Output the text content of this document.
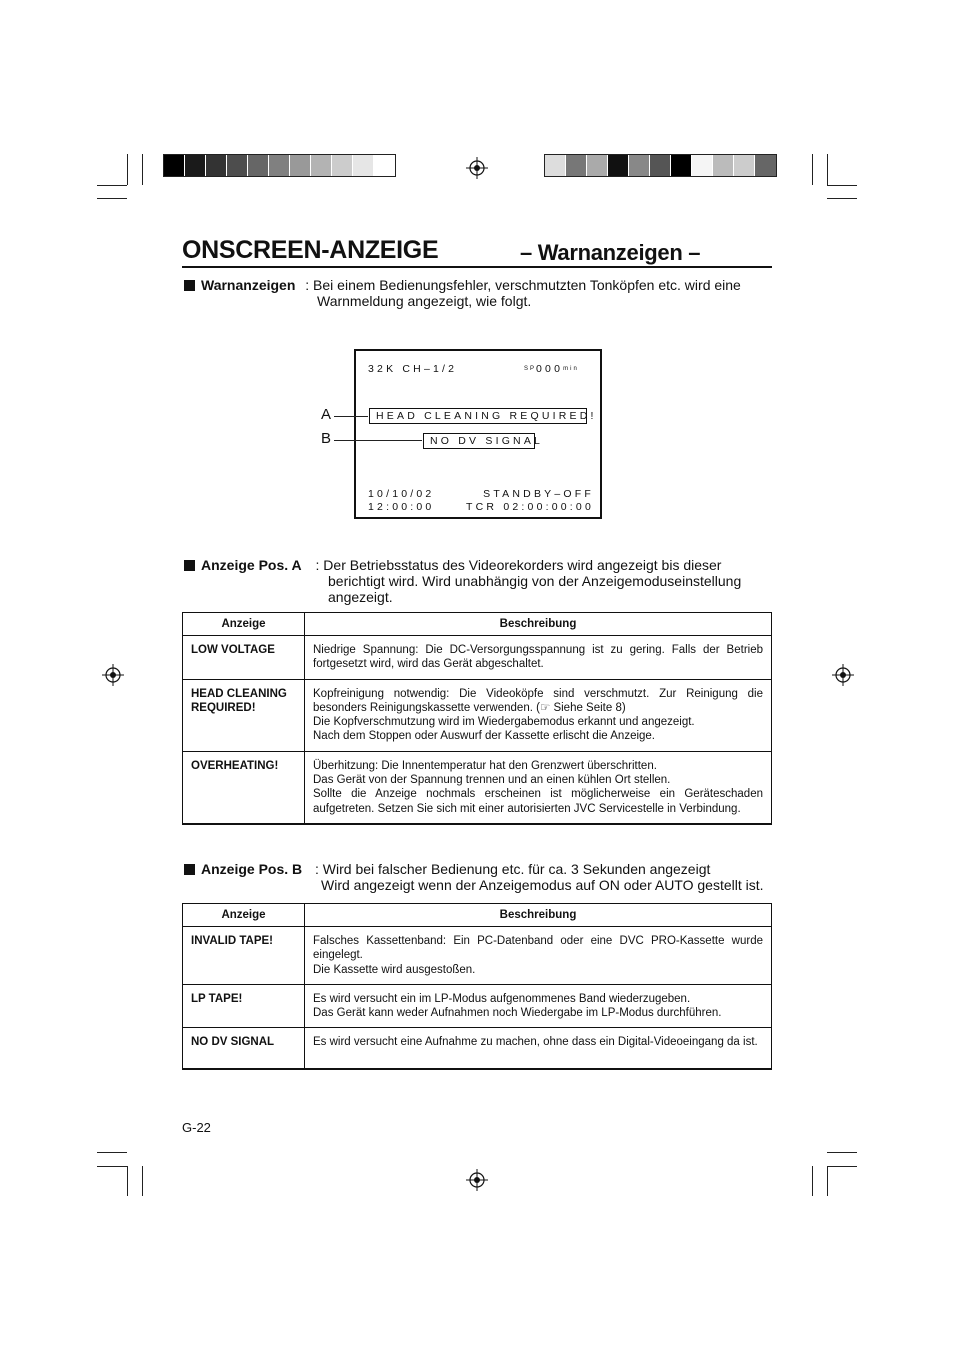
ONSCREEN-ANZEIGE	– Warnanzeigen –
Warnanzeigen : Bei einem Bedienungsfehler, verschmutzten Tonköpfen etc. wird eine
Warnmeldung angezeigt, wie folgt.
32K CH–1/2	SP000min
HEAD CLEANING REQUIRED!
NO DV SIGNAL
10/10/02
12:00:00
STANDBY–OFF
TCR 02:00:00:00
A
B
Anzeige Pos. A : Der Betriebsstatus des Videorekorders wird angezeigt bis dieser
berichtigt wird. Wird unabhängig von der Anzeigemoduseinstellung
angezeigt.
Anzeige	Beschreibung
LOW VOLTAGE	Niedrige Spannung: Die DC-Versorgungsspannung ist zu gering. Falls der Betrieb fortgesetzt wird, wird das Gerät abgeschaltet.

HEAD CLEANING REQUIRED!	Kopfreinigung notwendig: Die Videoköpfe sind verschmutzt. Zur Reinigung die besonders Reinigungskassette verwenden. (☞ Siehe Seite 8)
Die Kopfverschmutzung wird im Wiedergabemodus erkannt und angezeigt.
Nach dem Stoppen oder Auswurf der Kassette erlischt die Anzeige.

OVERHEATING!	Überhitzung: Die Innentemperatur hat den Grenzwert überschritten.
Das Gerät von der Spannung trennen und an einen kühlen Ort stellen.
Sollte die Anzeige nochmals erscheinen ist möglicherweise ein Geräteschaden aufgetreten. Setzen Sie sich mit einer autorisierten JVC Servicestelle in Verbindung.
Anzeige Pos. B : Wird bei falscher Bedienung etc. für ca. 3 Sekunden angezeigt
Wird angezeigt wenn der Anzeigemodus auf ON oder AUTO gestellt ist.
Anzeige	Beschreibung
INVALID TAPE!	Falsches Kassettenband: Ein PC-Datenband oder eine DVC PRO-Kassette wurde eingelegt.
Die Kassette wird ausgestoßen.

LP TAPE!	Es wird versucht ein im LP-Modus aufgenommenes Band wiederzugeben.
Das Gerät kann weder Aufnahmen noch Wiedergabe im LP-Modus durchführen.

NO DV SIGNAL	Es wird versucht eine Aufnahme zu machen, ohne dass ein Digital-Videoeingang da ist.
G-22
